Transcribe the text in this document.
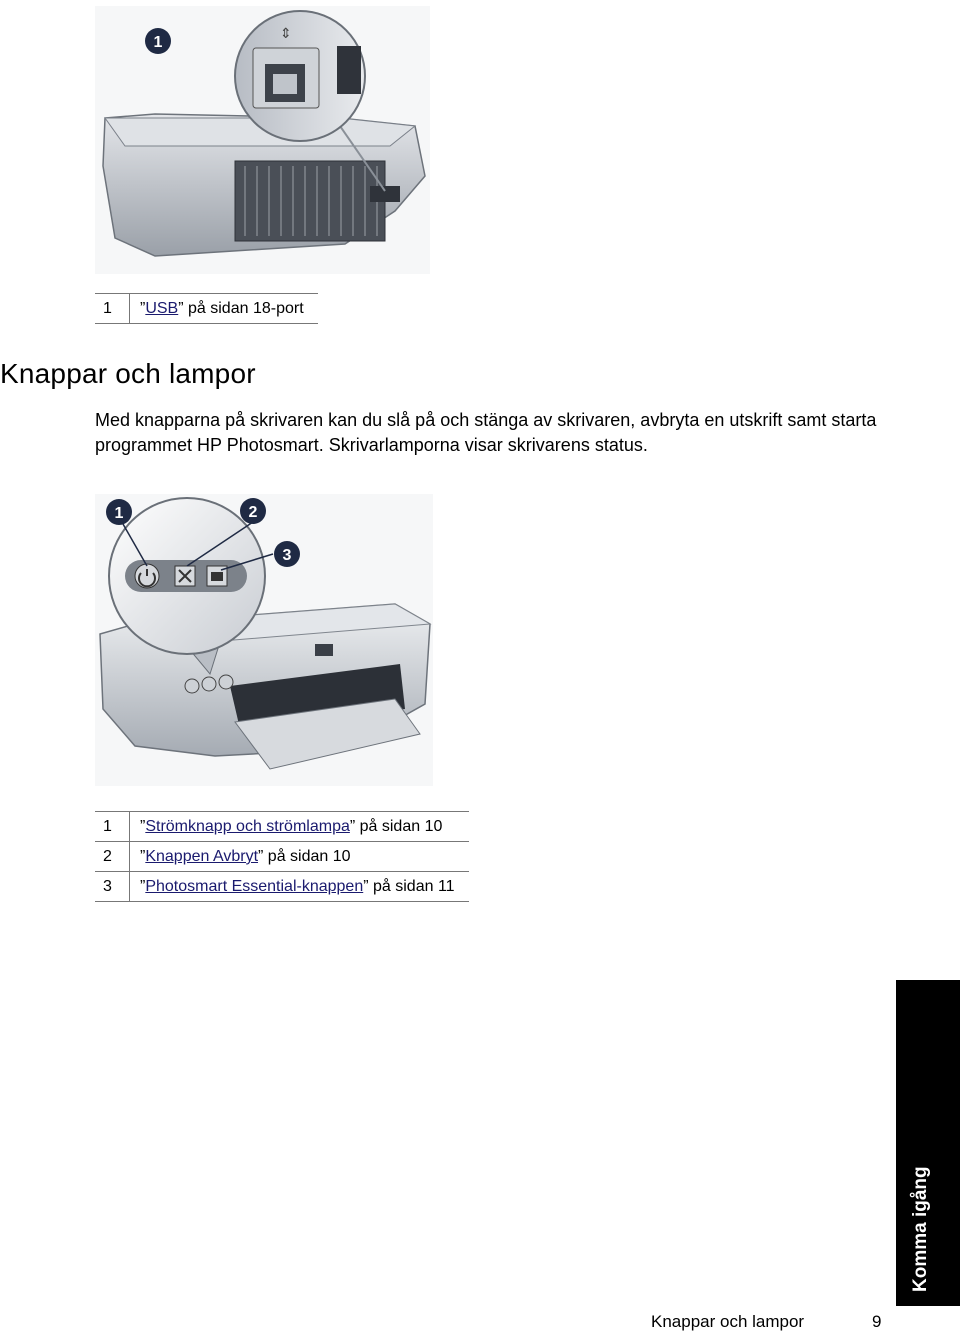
⇕
1
1	”USB” på sidan 18-port
Knappar och lampor

Med knapparna på skrivaren kan du slå på och stänga av skrivaren, avbryta en utskrift samt starta programmet HP Photosmart. Skrivarlamporna visar skrivarens status.

1	2
3
1	”Strömknapp och strömlampa” på sidan 10
2	”Knappen Avbryt” på sidan 10
3	”Photosmart Essential-knappen” på sidan 11
Komma igång
Knappar och lampor	9
